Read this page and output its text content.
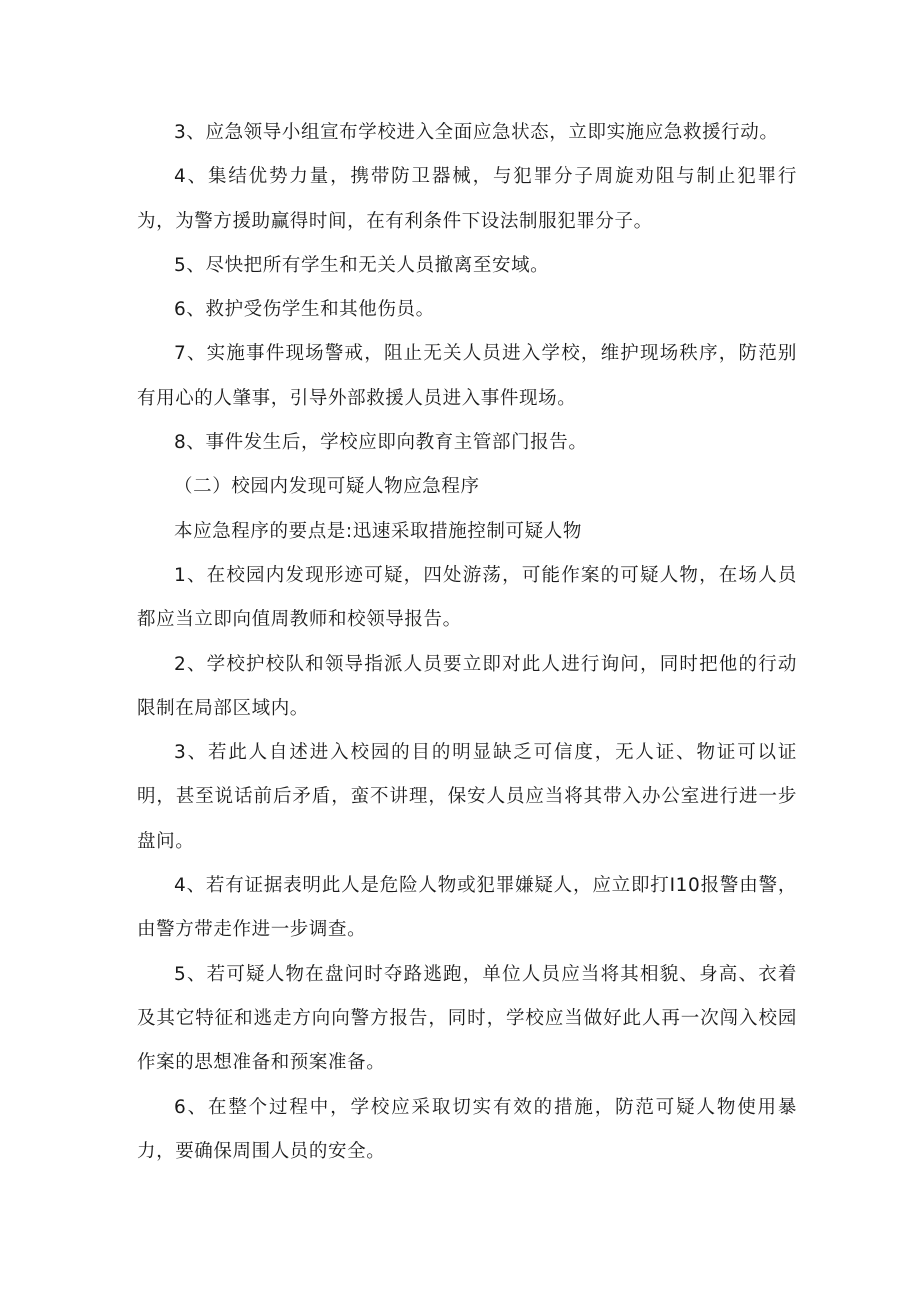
3、应急领导小组宣布学校进入全面应急状态，立即实施应急救援行动。

4、集结优势力量，携带防卫器械，与犯罪分子周旋劝阻与制止犯罪行为，为警方援助赢得时间，在有利条件下设法制服犯罪分子。

5、尽快把所有学生和无关人员撤离至安域。

6、救护受伤学生和其他伤员。

7、实施事件现场警戒，阻止无关人员进入学校，维护现场秩序，防范别有用心的人肇事，引导外部救援人员进入事件现场。

8、事件发生后，学校应即向教育主管部门报告。

（二）校园内发现可疑人物应急程序

本应急程序的要点是:迅速采取措施控制可疑人物

1、在校园内发现形迹可疑，四处游荡，可能作案的可疑人物，在场人员都应当立即向值周教师和校领导报告。

2、学校护校队和领导指派人员要立即对此人进行询问，同时把他的行动限制在局部区域内。

3、若此人自述进入校园的目的明显缺乏可信度，无人证、物证可以证明，甚至说话前后矛盾，蛮不讲理，保安人员应当将其带入办公室进行进一步盘问。

4、若有证据表明此人是危险人物或犯罪嫌疑人，应立即打I10报警由警，由警方带走作进一步调查。

5、若可疑人物在盘问时夺路逃跑，单位人员应当将其相貌、身高、衣着及其它特征和逃走方向向警方报告，同时，学校应当做好此人再一次闯入校园作案的思想准备和预案准备。

6、在整个过程中，学校应采取切实有效的措施，防范可疑人物使用暴力，要确保周围人员的安全。
